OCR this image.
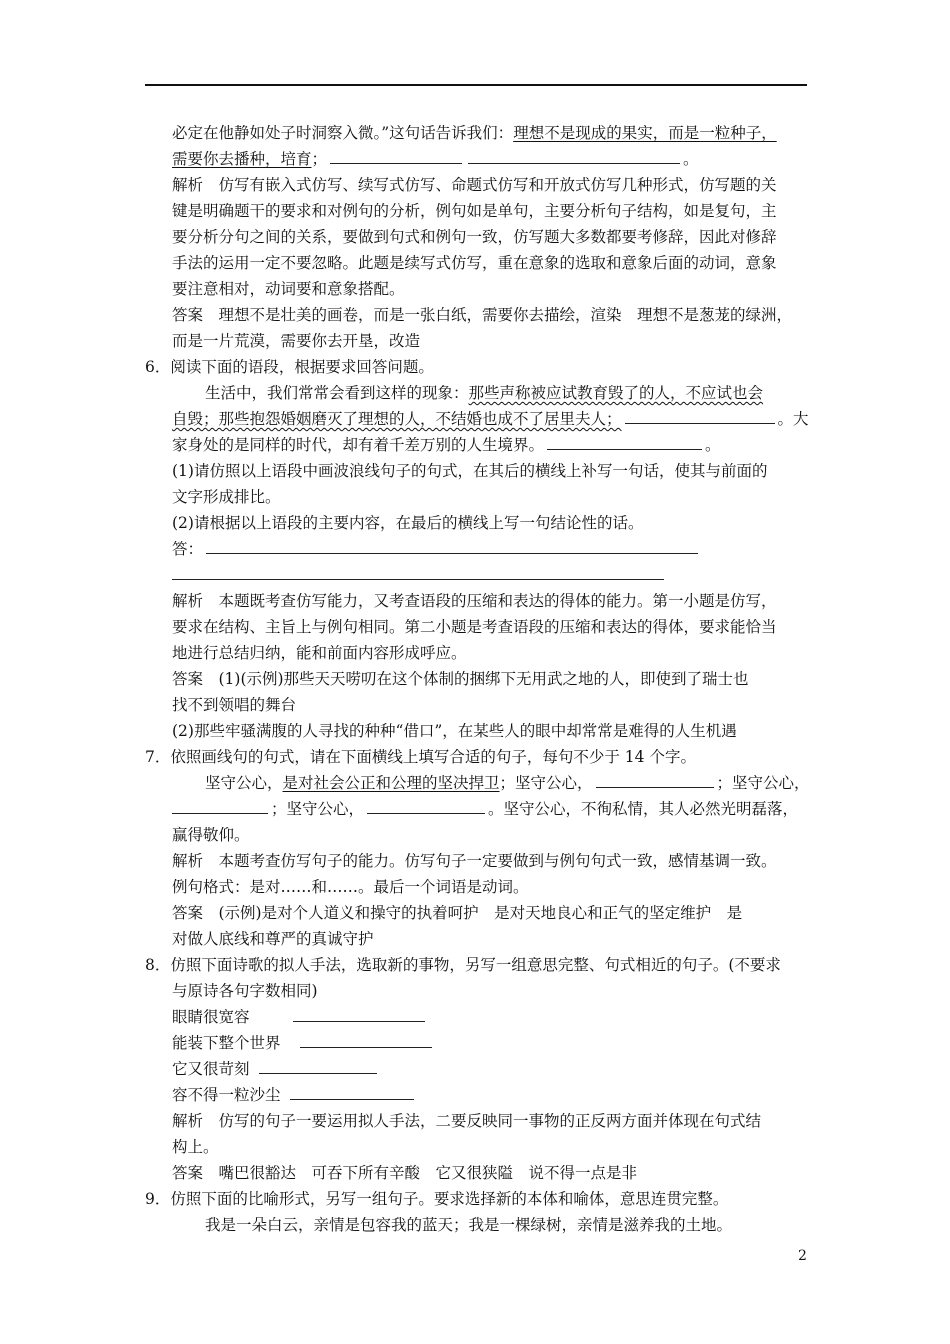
必定在他静如处子时洞察入微。”这句话告诉我们：理想不是现成的果实，而是一粒种子，
需要你去播种，培育；	。
解析　仿写有嵌入式仿写、续写式仿写、命题式仿写和开放式仿写几种形式，仿写题的关
键是明确题干的要求和对例句的分析，例句如是单句，主要分析句子结构，如是复句，主
要分析分句之间的关系，要做到句式和例句一致，仿写题大多数都要考修辞，因此对修辞
手法的运用一定不要忽略。此题是续写式仿写，重在意象的选取和意象后面的动词，意象
要注意相对，动词要和意象搭配。
答案　理想不是壮美的画卷，而是一张白纸，需要你去描绘，渲染　理想不是葱茏的绿洲，
而是一片荒漠，需要你去开垦，改造
6．阅读下面的语段，根据要求回答问题。
生活中，我们常常会看到这样的现象：那些声称被应试教育毁了的人，不应试也会
自毁；那些抱怨婚姻磨灭了理想的人，不结婚也成不了居里夫人；	。大
家身处的是同样的时代，却有着千差万别的人生境界。	。
(1)请仿照以上语段中画波浪线句子的句式，在其后的横线上补写一句话，使其与前面的
文字形成排比。
(2)请根据以上语段的主要内容，在最后的横线上写一句结论性的话。
答：
解析　本题既考查仿写能力，又考查语段的压缩和表达的得体的能力。第一小题是仿写，
要求在结构、主旨上与例句相同。第二小题是考查语段的压缩和表达的得体，要求能恰当
地进行总结归纳，能和前面内容形成呼应。
答案　(1)(示例)那些天天唠叨在这个体制的捆绑下无用武之地的人，即使到了瑞士也
找不到领唱的舞台
(2)那些牢骚满腹的人寻找的种种“借口”，在某些人的眼中却常常是难得的人生机遇
7．依照画线句的句式，请在下面横线上填写合适的句子，每句不少于 14 个字。
坚守公心，是对社会公正和公理的坚决捍卫；坚守公心，	；坚守公心，
；坚守公心，	。坚守公心，不徇私情，其人必然光明磊落，
赢得敬仰。
解析　本题考查仿写句子的能力。仿写句子一定要做到与例句句式一致，感情基调一致。
例句格式：是对……和……。最后一个词语是动词。
答案　(示例)是对个人道义和操守的执着呵护　是对天地良心和正气的坚定维护　是
对做人底线和尊严的真诚守护
8．仿照下面诗歌的拟人手法，选取新的事物，另写一组意思完整、句式相近的句子。(不要求
与原诗各句字数相同)
眼睛很宽容
能装下整个世界
它又很苛刻
容不得一粒沙尘
解析　仿写的句子一要运用拟人手法，二要反映同一事物的正反两方面并体现在句式结
构上。
答案　嘴巴很豁达　可吞下所有辛酸　它又很狭隘　说不得一点是非
9．仿照下面的比喻形式，另写一组句子。要求选择新的本体和喻体，意思连贯完整。
我是一朵白云，亲情是包容我的蓝天；我是一棵绿树，亲情是滋养我的土地。
2
